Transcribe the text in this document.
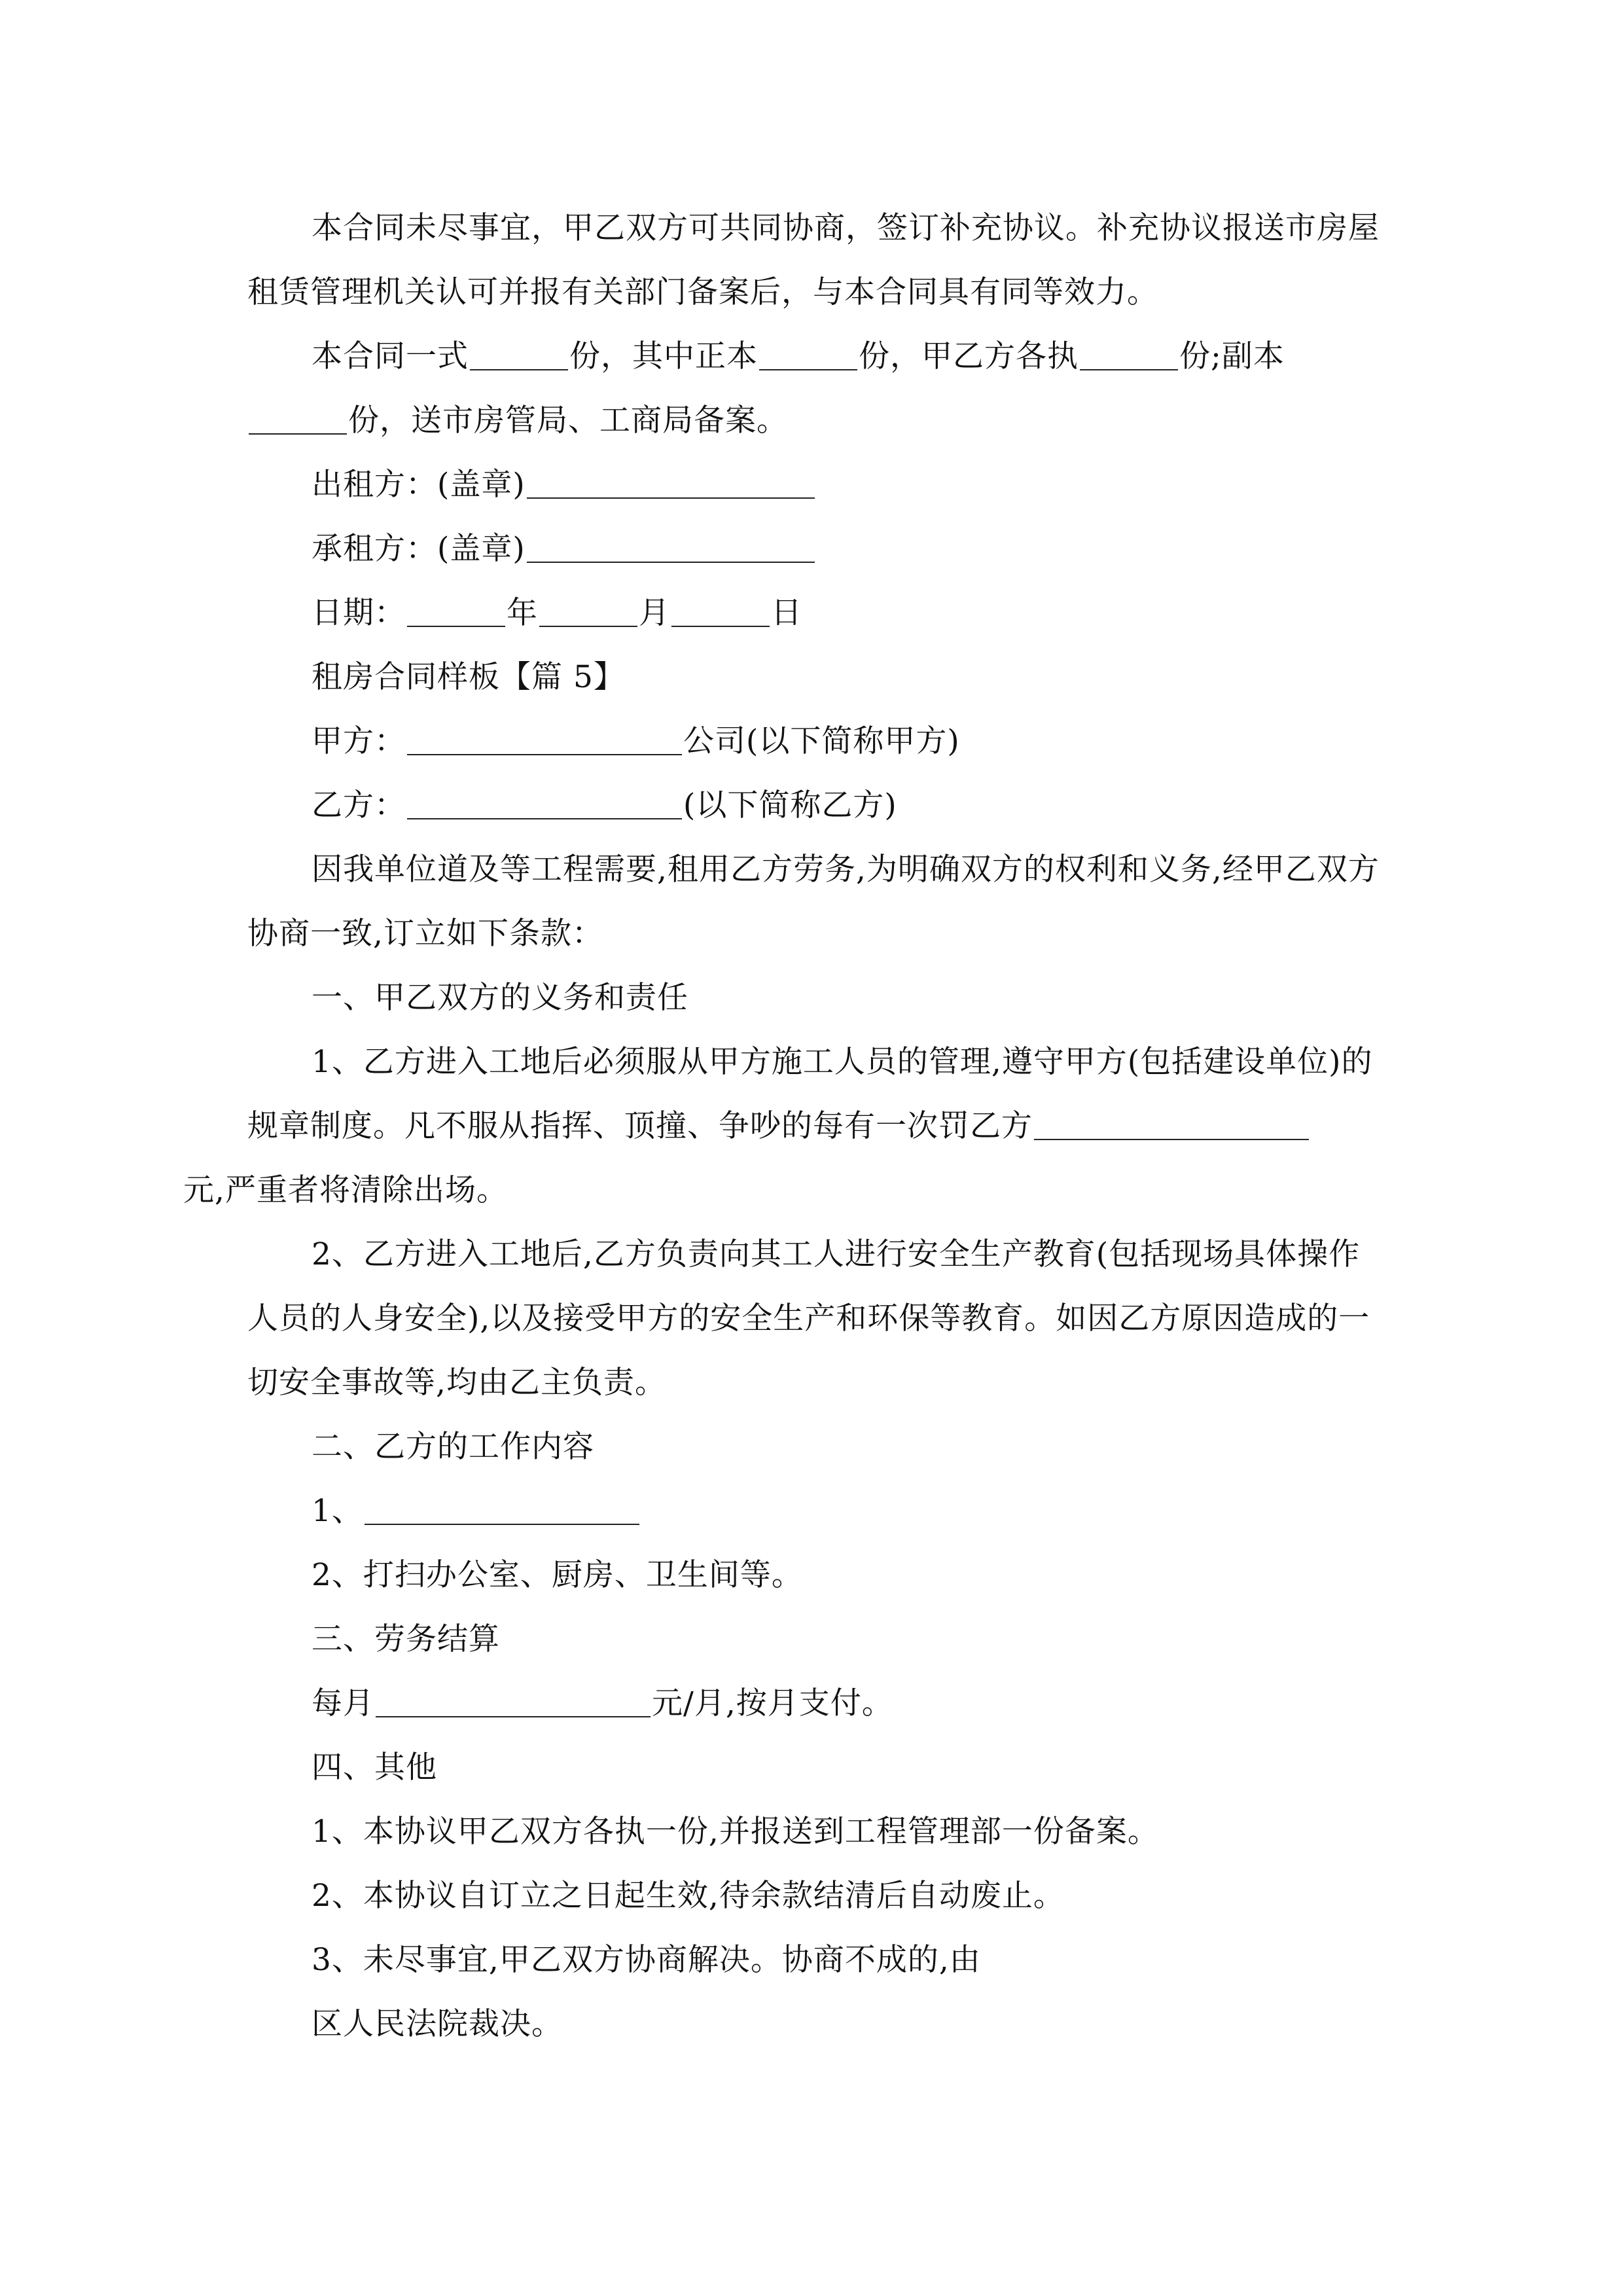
本合同未尽事宜，甲乙双方可共同协商，签订补充协议。补充协议报送市房屋租赁管理机关认可并报有关部门备案后，与本合同具有同等效力。

本合同一式	份，其中正本	份，甲乙方各执	份;副本份，送市房管局、工商局备案。

出租方：(盖章)

承租方：(盖章)

日期：	年	月	日

租房合同样板【篇 5】

甲方：	公司(以下简称甲方)

乙方：	(以下简称乙方)

因我单位道及等工程需要,租用乙方劳务,为明确双方的权利和义务,经甲乙双方协商一致,订立如下条款：

一、甲乙双方的义务和责任

1、乙方进入工地后必须服从甲方施工人员的管理,遵守甲方(包括建设单位)的规章制度。凡不服从指挥、顶撞、争吵的每有一次罚乙方
元,严重者将清除出场。

2、乙方进入工地后,乙方负责向其工人进行安全生产教育(包括现场具体操作人员的人身安全),以及接受甲方的安全生产和环保等教育。如因乙方原因造成的一切安全事故等,均由乙主负责。

二、乙方的工作内容

1、

2、打扫办公室、厨房、卫生间等。

三、劳务结算

每月	元/月,按月支付。

四、其他

1、本协议甲乙双方各执一份,并报送到工程管理部一份备案。

2、本协议自订立之日起生效,待余款结清后自动废止。

3、未尽事宜,甲乙双方协商解决。协商不成的,由

区人民法院裁决。
